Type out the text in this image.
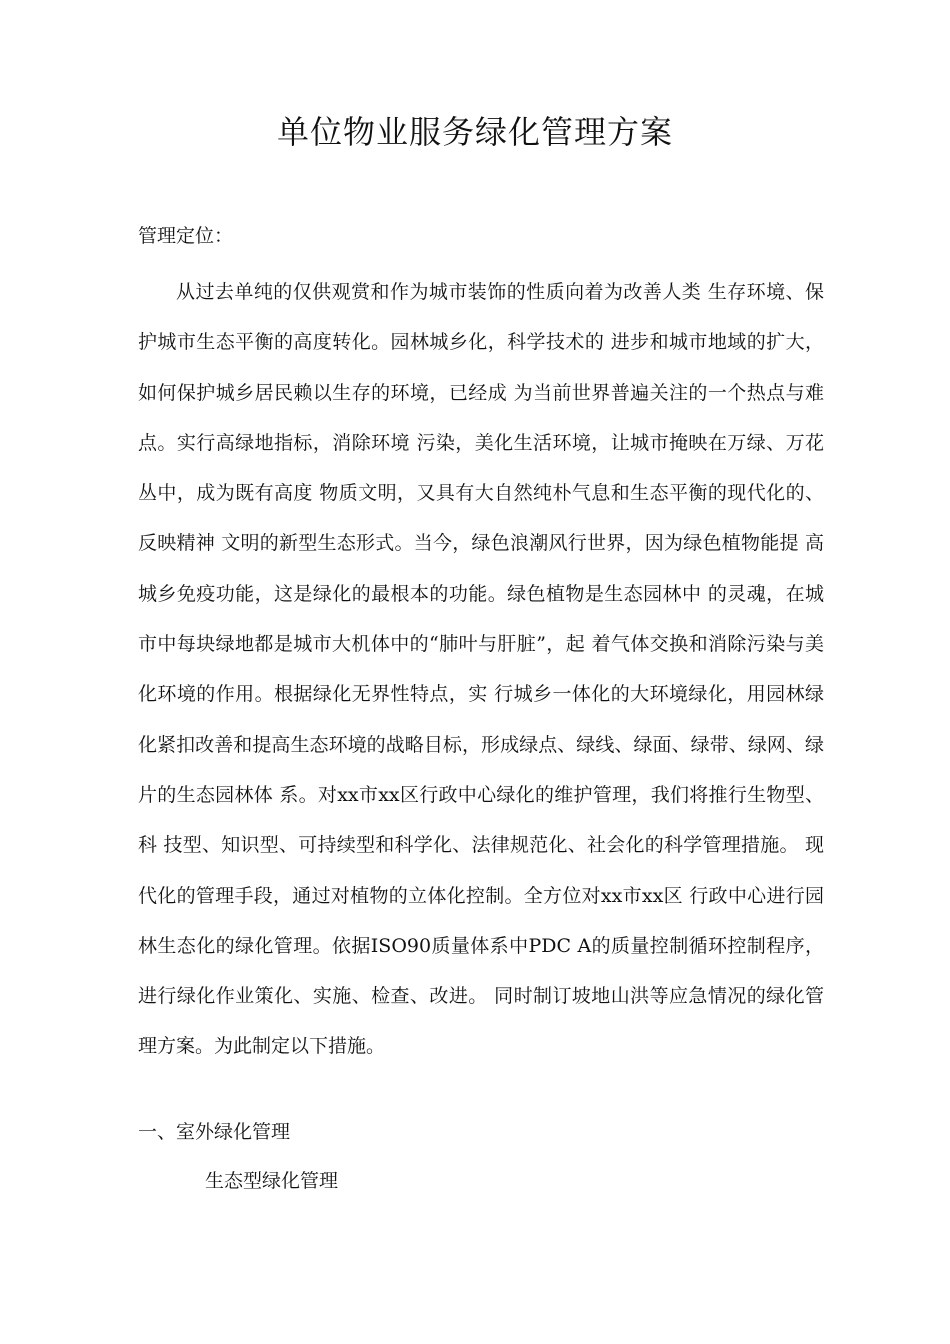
单位物业服务绿化管理方案

管理定位：

从过去单纯的仅供观赏和作为城市装饰的性质向着为改善人类 生存环境、保护城市生态平衡的高度转化。园林城乡化，科学技术的 进步和城市地域的扩大，如何保护城乡居民赖以生存的环境，已经成 为当前世界普遍关注的一个热点与难点。实行高绿地指标，消除环境 污染，美化生活环境，让城市掩映在万绿、万花丛中，成为既有高度 物质文明，又具有大自然纯朴气息和生态平衡的现代化的、反映精神 文明的新型生态形式。当今，绿色浪潮风行世界，因为绿色植物能提 高城乡免疫功能，这是绿化的最根本的功能。绿色植物是生态园林中 的灵魂，在城市中每块绿地都是城市大机体中的“肺叶与肝脏”，起 着气体交换和消除污染与美化环境的作用。根据绿化无界性特点，实 行城乡一体化的大环境绿化，用园林绿化紧扣改善和提高生态环境的战略目标，形成绿点、绿线、绿面、绿带、绿网、绿片的生态园林体 系。对xx市xx区行政中心绿化的维护管理，我们将推行生物型、科 技型、知识型、可持续型和科学化、法律规范化、社会化的科学管理措施。 现代化的管理手段，通过对植物的立体化控制。全方位对xx市xx区 行政中心进行园林生态化的绿化管理。依据ISO90质量体系中PDC A的质量控制循环控制程序，进行绿化作业策化、实施、检查、改进。 同时制订坡地山洪等应急情况的绿化管理方案。为此制定以下措施。

一、室外绿化管理

生态型绿化管理
